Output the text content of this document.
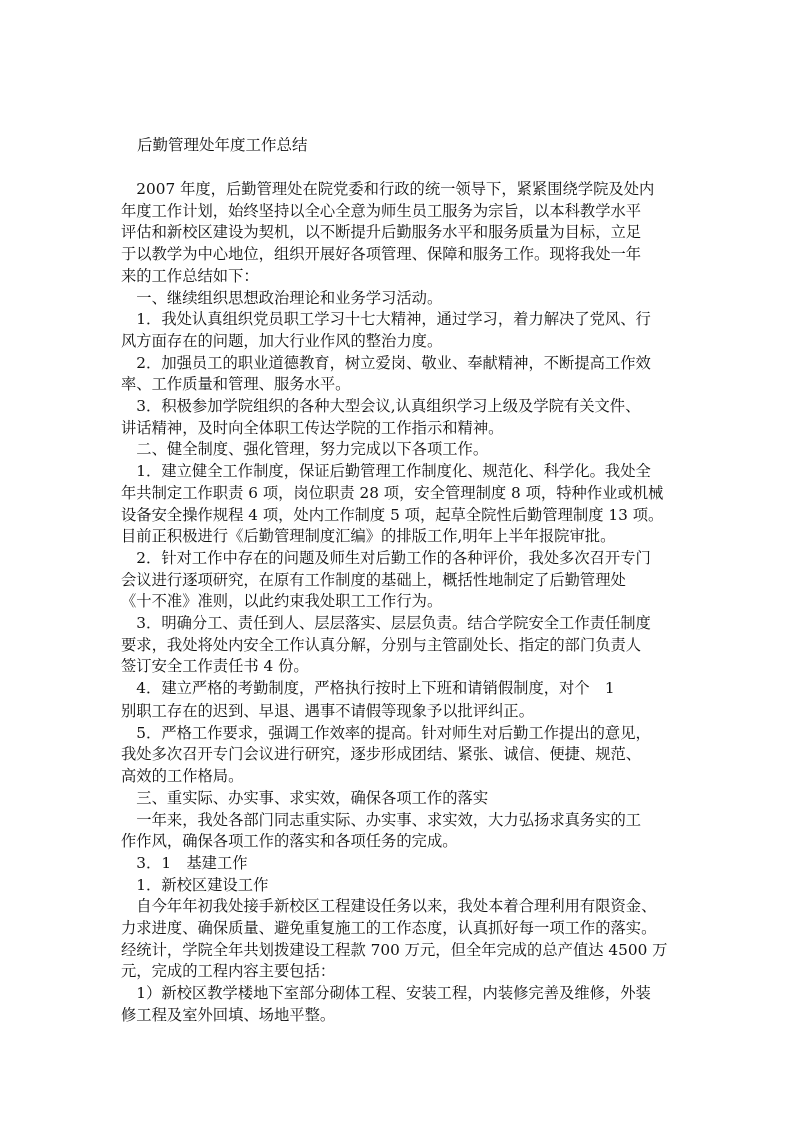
后勤管理处年度工作总结

　2007 年度，后勤管理处在院党委和行政的统一领导下，紧紧围绕学院及处内

年度工作计划，始终坚持以全心全意为师生员工服务为宗旨，以本科教学水平

评估和新校区建设为契机，以不断提升后勤服务水平和服务质量为目标，立足

于以教学为中心地位，组织开展好各项管理、保障和服务工作。现将我处一年

来的工作总结如下：

　一、继续组织思想政治理论和业务学习活动。

　1．我处认真组织党员职工学习十七大精神，通过学习，着力解决了党风、行

风方面存在的问题，加大行业作风的整治力度。

　2．加强员工的职业道德教育，树立爱岗、敬业、奉献精神，不断提高工作效

率、工作质量和管理、服务水平。

　3．积极参加学院组织的各种大型会议,认真组织学习上级及学院有关文件、

讲话精神，及时向全体职工传达学院的工作指示和精神。

　二、健全制度、强化管理，努力完成以下各项工作。

　1．建立健全工作制度，保证后勤管理工作制度化、规范化、科学化。我处全

年共制定工作职责 6 项，岗位职责 28 项，安全管理制度 8 项，特种作业或机械

设备安全操作规程 4 项，处内工作制度 5 项，起草全院性后勤管理制度 13 项。

目前正积极进行《后勤管理制度汇编》的排版工作,明年上半年报院审批。

　2．针对工作中存在的问题及师生对后勤工作的各种评价，我处多次召开专门

会议进行逐项研究，在原有工作制度的基础上，概括性地制定了后勤管理处

《十不准》准则，以此约束我处职工工作行为。

　3．明确分工、责任到人、层层落实、层层负责。结合学院安全工作责任制度

要求，我处将处内安全工作认真分解，分别与主管副处长、指定的部门负责人

签订安全工作责任书 4 份。

　4．建立严格的考勤制度，严格执行按时上下班和请销假制度，对个　1

别职工存在的迟到、早退、遇事不请假等现象予以批评纠正。

　5．严格工作要求，强调工作效率的提高。针对师生对后勤工作提出的意见，

我处多次召开专门会议进行研究，逐步形成团结、紧张、诚信、便捷、规范、

高效的工作格局。

　三、重实际、办实事、求实效，确保各项工作的落实

　一年来，我处各部门同志重实际、办实事、求实效，大力弘扬求真务实的工

作作风，确保各项工作的落实和各项任务的完成。

　3．1　基建工作

　1．新校区建设工作

　自今年年初我处接手新校区工程建设任务以来，我处本着合理利用有限资金、

力求进度、确保质量、避免重复施工的工作态度，认真抓好每一项工作的落实。

经统计，学院全年共划拨建设工程款 700 万元，但全年完成的总产值达 4500 万

元，完成的工程内容主要包括：

　1）新校区教学楼地下室部分砌体工程、安装工程，内装修完善及维修，外装

修工程及室外回填、场地平整。
